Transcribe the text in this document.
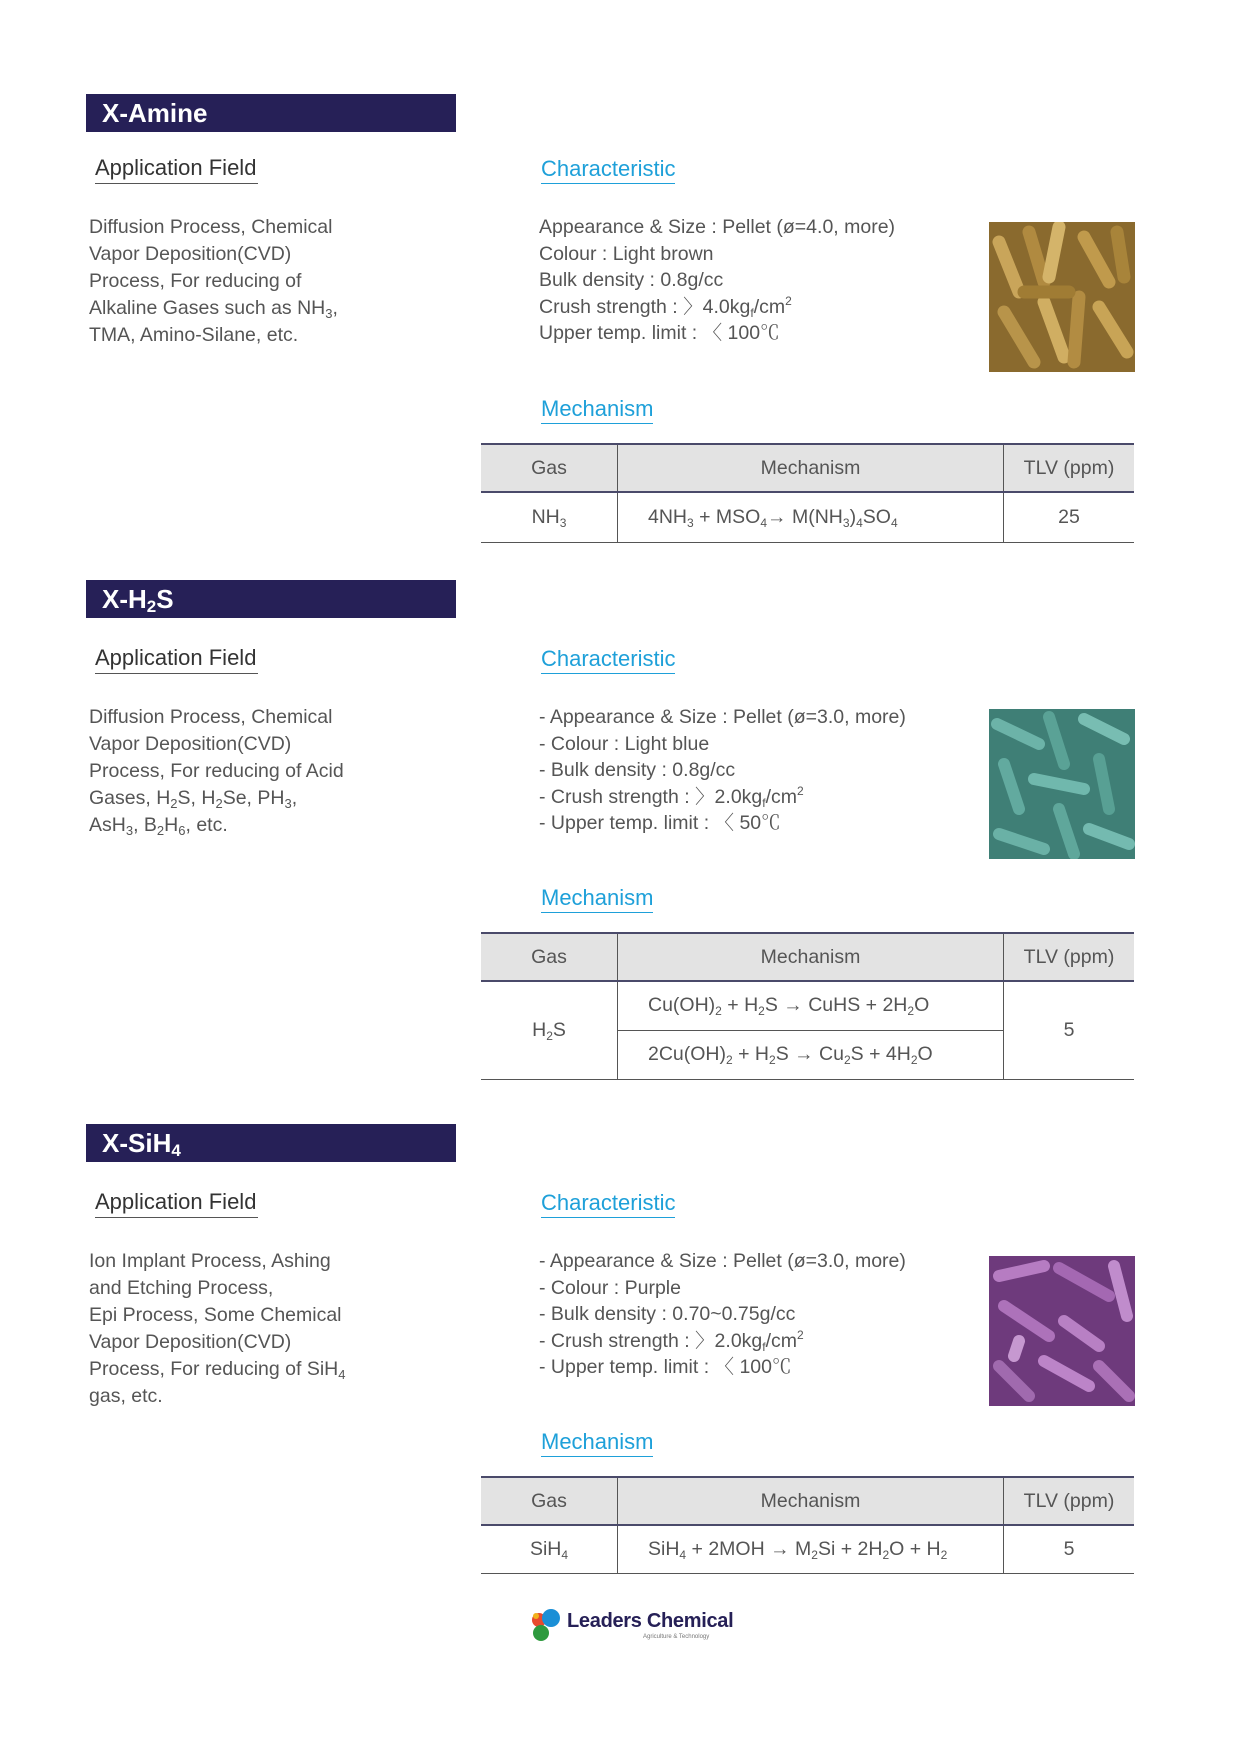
X-Amine
Application Field
Diffusion Process, Chemical
Vapor Deposition(CVD)
Process, For reducing of
Alkaline Gases such as $NH_3$,
TMA, Amino-Silane, etc.
Characteristic
Appearance & Size : Pellet (ø=4.0, more)
Colour : Light brown
Bulk density : 0.8g/cc
Crush strength : 〉$4.0kg_f/cm^2$
Upper temp. limit : 〈 100℃
Mechanism
Gas	Mechanism	TLV (ppm)
$NH_3$	$4NH_3 + MSO_4\to M(NH_3)_4SO_4$	25
$X-H_2S$
Application Field
Diffusion Process, Chemical
Vapor Deposition(CVD)
Process, For reducing of Acid
Gases, $H_2S$, $H_2Se$, $PH_3$,
AsH$_3$, $B_2H_6$, etc.
Characteristic
- Appearance & Size : Pellet (ø=3.0, more)
- Colour : Light blue
- Bulk density : 0.8g/cc
- Crush strength : 〉$2.0kg_f/cm^2$
- Upper temp. limit : 〈 50℃
Mechanism
Gas	Mechanism	TLV (ppm)
$H_2S$	$Cu(OH)_2 + H_2S$ → CuHS + $2H_2O$	5
	$2Cu(OH)_2 + H_2S \to Cu_2S + 4H_2O$	
X-SiH$_4$
Application Field
Ion Implant Process, Ashing
and Etching Process,
Epi Process, Some Chemical
Vapor Deposition(CVD)
Process, For reducing of SiH$_4$
gas, etc.
Characteristic
- Appearance & Size : Pellet (ø=3.0, more)
- Colour : Purple
- Bulk density : 0.70~0.75g/cc
- Crush strength : 〉$2.0kg_f/cm^2$
- Upper temp. limit : 〈 100℃
Mechanism
Gas	Mechanism	TLV (ppm)
SiH$_4$	$SiH_4 + 2MOH \to M_2Si + 2H_2O + H_2$	5
Leaders Chemical
Agriculture & Technology
